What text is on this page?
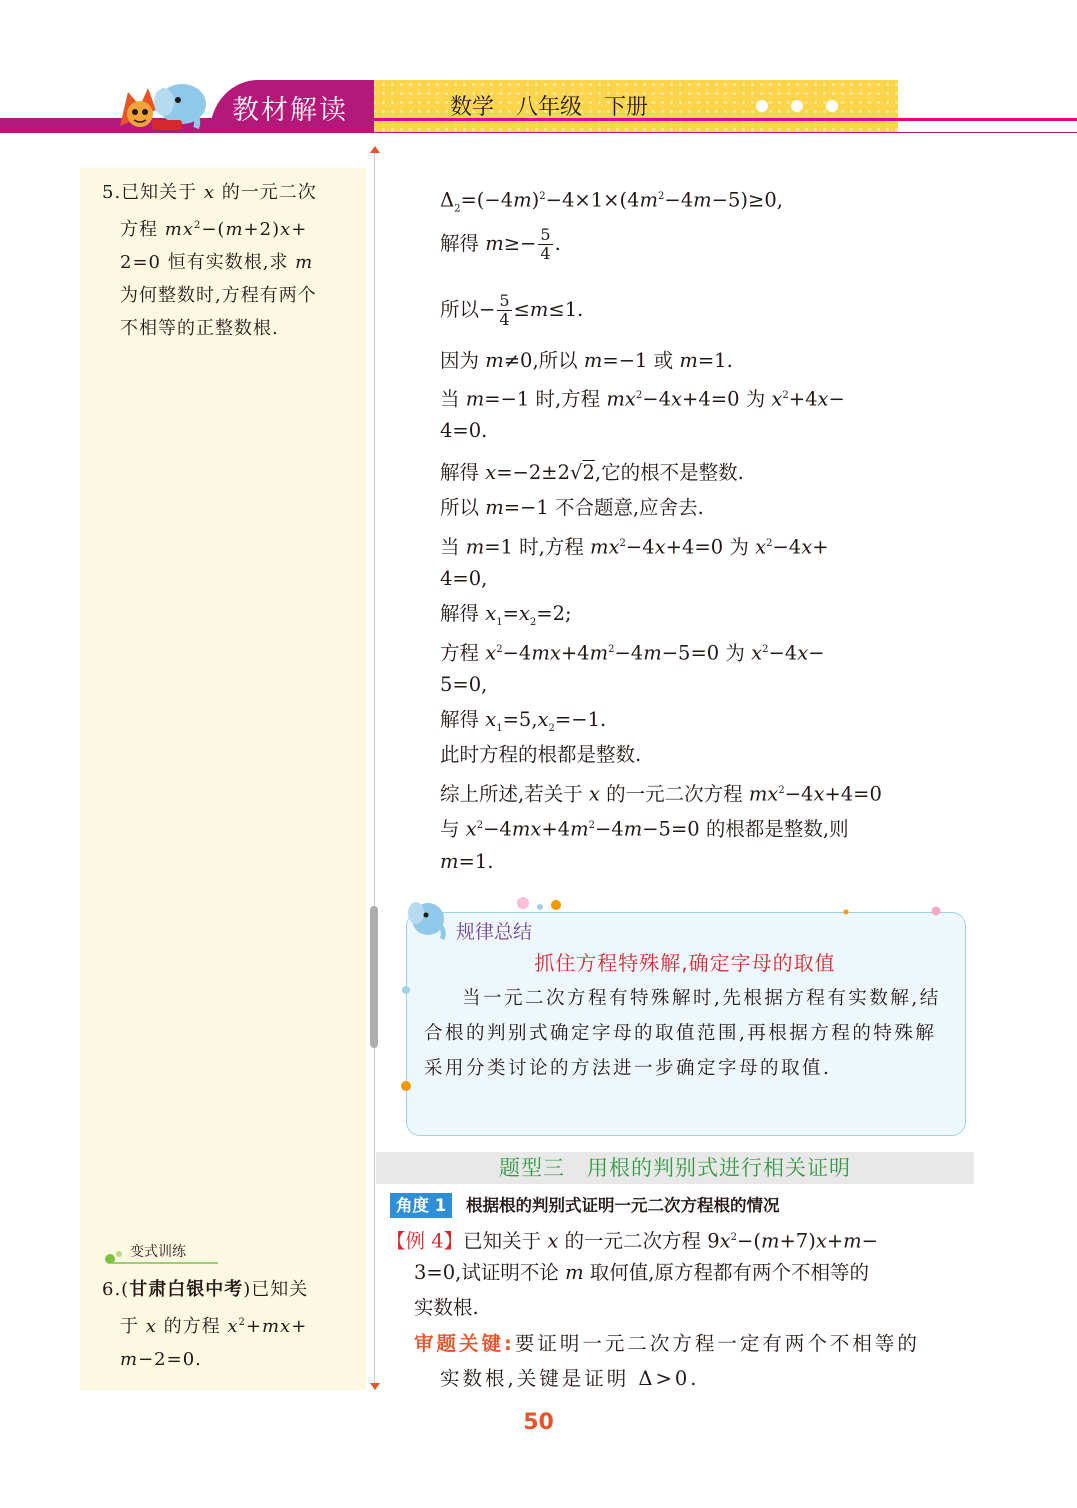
教材解读	数学　八年级　下册
5.已知关于 x 的一元二次
方程 $mx^2-(m+2)x+$
2=0 恒有实数根,求 m
为何整数时,方程有两个
不相等的正整数根.
变式训练
6.(甘肃白银中考)已知关
于 x 的方程 $x^2+mx+$
m−2=0.
$\Delta_2=(-4m)^2-4\times 1\times(4m^2-4m-5)\ge 0$,
解得 $m\ge- \frac{5}{4}$ .
所以− $\frac{5}{4} \le m\le 1$.
因为 m≠0,所以 m=−1 或 m=1.
当 m=−1 时,方程 $mx^2-4x+4=0$ 为 $x^2+4x-$
4=0.
解得 x=−2±2√2,它的根不是整数.
所以 m=−1 不合题意,应舍去.
当 m=1 时,方程 $mx^2-4x+4=0$ 为 $x^2-4x+$
4=0,
解得 $x_1=x_2=2$;
方程 $x^2-4mx+4m^2-4m-5=0$ 为 $x^2-4x-$
5=0,
解得 $x_1=5,x_2=-1$.
此时方程的根都是整数.
综上所述,若关于 x 的一元二次方程 $mx^2-4x+4=0$
与 $x^2-4mx+4m^2-4m-5=0$ 的根都是整数,则
m=1.
规律总结
抓住方程特殊解,确定字母的取值
当一元二次方程有特殊解时,先根据方程有实数解,结合根的判别式确定字母的取值范围,再根据方程的特殊解采用分类讨论的方法进一步确定字母的取值.
题型三　用根的判别式进行相关证明
角度 1	根据根的判别式证明一元二次方程根的情况
【例 4】已知关于 x 的一元二次方程 $9x^2-(m+7)x+m-$
3=0,试证明不论 m 取何值,原方程都有两个不相等的
实数根.
审题关键:要证明一元二次方程一定有两个不相等的
实数根,关键是证明 Δ>0.
50
